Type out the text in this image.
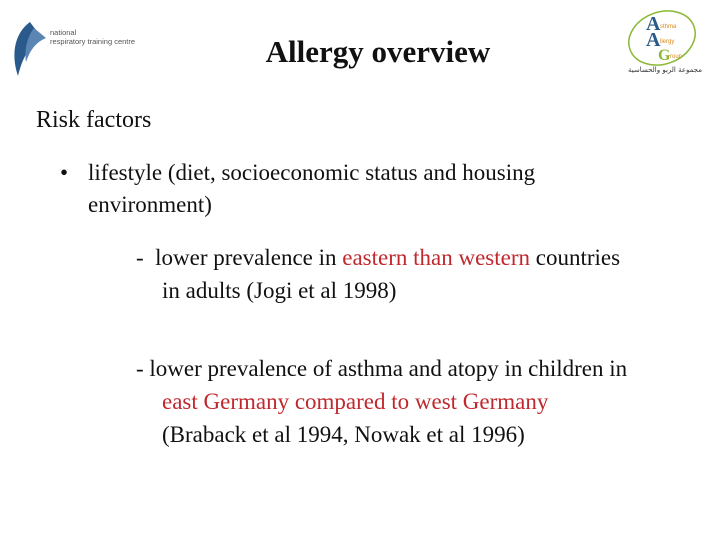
national
respiratory training centre
A sthma
A llergy
G roup
مجموعة الربو والحساسية
Allergy overview
Risk factors
• lifestyle (diet, socioeconomic status and housing
environment)
-  lower prevalence in eastern than western countries
in adults (Jogi et al 1998)
- lower prevalence of asthma and atopy in children in
east Germany compared to west Germany
(Braback et al 1994, Nowak et al 1996)
